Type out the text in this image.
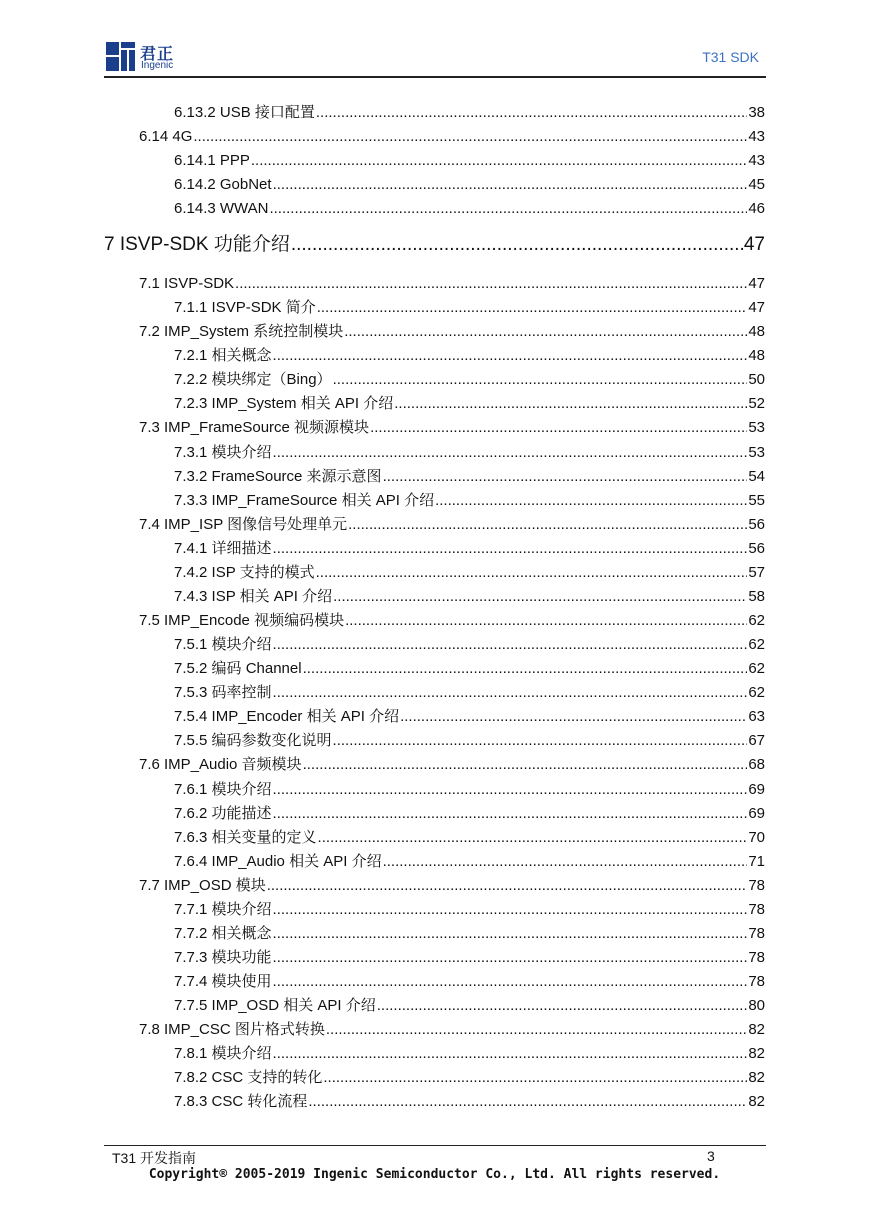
君正
Ingenic
T31 SDK
6.13.2 USB 接口配置 .....	38
6.14 4G .....	43
6.14.1 PPP .....	43
6.14.2 GobNet .....	45
6.14.3 WWAN .....	46
7 ISVP-SDK 功能介绍 .....	47
7.1 ISVP-SDK .....	47
7.1.1 ISVP-SDK 简介 .....	47
7.2 IMP_System 系统控制模块 .....	48
7.2.1 相关概念 .....	48
7.2.2 模块绑定（Bing） .....	50
7.2.3 IMP_System 相关 API 介绍 .....	52
7.3 IMP_FrameSource 视频源模块 .....	53
7.3.1 模块介绍 .....	53
7.3.2 FrameSource 来源示意图 .....	54
7.3.3 IMP_FrameSource 相关 API 介绍 .....	55
7.4 IMP_ISP 图像信号处理单元 .....	56
7.4.1 详细描述 .....	56
7.4.2 ISP 支持的模式 .....	57
7.4.3 ISP 相关 API 介绍 .....	58
7.5 IMP_Encode 视频编码模块 .....	62
7.5.1 模块介绍 .....	62
7.5.2 编码 Channel .....	62
7.5.3 码率控制 .....	62
7.5.4 IMP_Encoder 相关 API 介绍 .....	63
7.5.5 编码参数变化说明 .....	67
7.6 IMP_Audio 音频模块 .....	68
7.6.1 模块介绍 .....	69
7.6.2 功能描述 .....	69
7.6.3 相关变量的定义 .....	70
7.6.4 IMP_Audio 相关 API 介绍 .....	71
7.7 IMP_OSD 模块 .....	78
7.7.1 模块介绍 .....	78
7.7.2 相关概念 .....	78
7.7.3 模块功能 .....	78
7.7.4 模块使用 .....	78
7.7.5 IMP_OSD 相关 API 介绍 .....	80
7.8 IMP_CSC 图片格式转换 .....	82
7.8.1 模块介绍 .....	82
7.8.2 CSC 支持的转化 .....	82
7.8.3 CSC 转化流程 .....	82
T31 开发指南	3
Copyright® 2005-2019 Ingenic Semiconductor Co., Ltd. All rights reserved.
